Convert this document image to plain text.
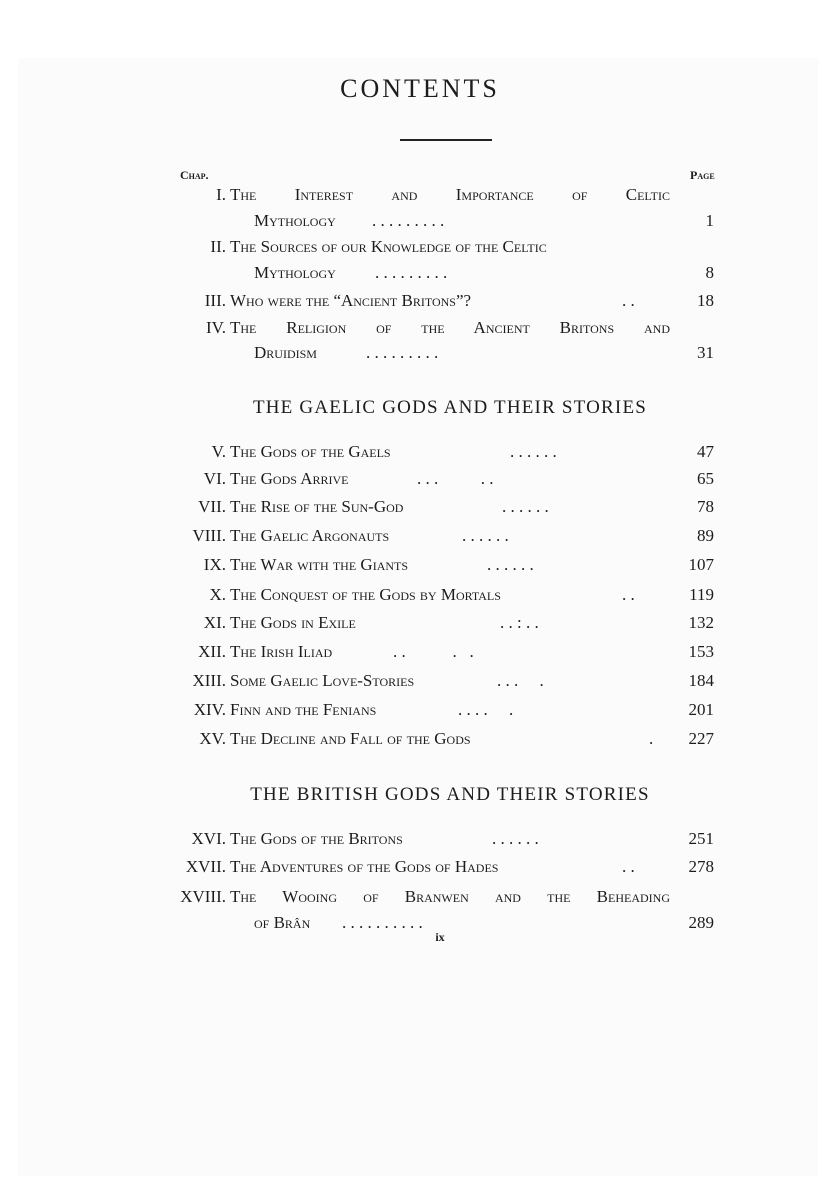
CONTENTS
Chap.	Page
I. The Interest and Importance of Celtic
Mythology	. . . . . . . . .	1
II. The Sources of our Knowledge of the Celtic
Mythology	. . . . . . . . .	8
III. Who were the “Ancient Britons”?	. .	18
IV. The Religion of the Ancient Britons and
Druidism	. . . . . . . . .	31
THE GAELIC GODS AND THEIR STORIES
V. The Gods of the Gaels	. . . . . .	47
VI. The Gods Arrive	. . .          . .	65
VII. The Rise of the Sun-God	. . . . . .	78
VIII. The Gaelic Argonauts	. . . . . .	89
IX. The War with the Giants	. . . . . .	107
X. The Conquest of the Gods by Mortals	. .	119
XI. The Gods in Exile	. . : . .	132
XII. The Irish Iliad	. .           .   .	153
XIII. Some Gaelic Love-Stories	. . .     .	184
XIV. Finn and the Fenians	. . . .     .	201
XV. The Decline and Fall of the Gods	. 227
THE BRITISH GODS AND THEIR STORIES
XVI. The Gods of the Britons	. . . . . .	251
XVII. The Adventures of the Gods of Hades	. .	278
XVIII. The Wooing of Branwen and the Beheading
of Brân	. . . . . . . . . .	289
ix
